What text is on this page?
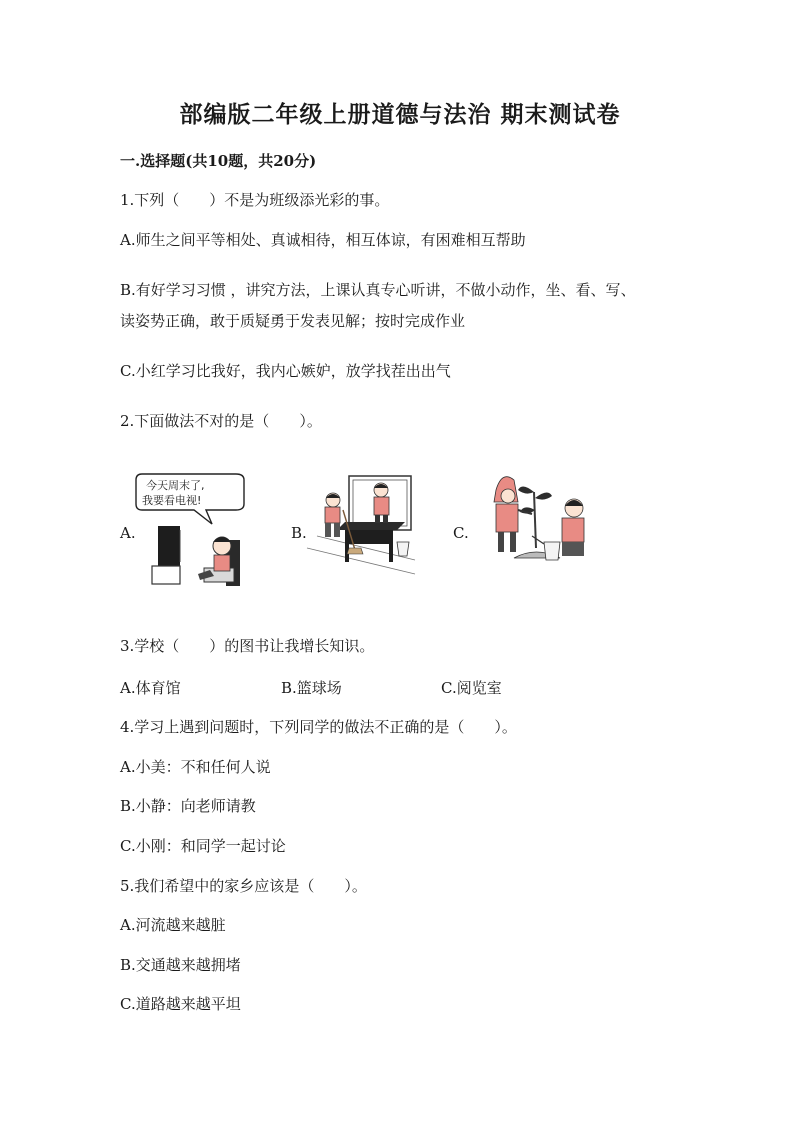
部编版二年级上册道德与法治 期末测试卷
一.选择题(共10题，共20分)
1.下列（　　）不是为班级添光彩的事。
A.师生之间平等相处、真诚相待，相互体谅，有困难相互帮助
B.有好学习习惯 ，讲究方法，上课认真专心听讲，不做小动作，坐、看、写、
读姿势正确，敢于质疑勇于发表见解；按时完成作业
C.小红学习比我好，我内心嫉妒，放学找茬出出气
2.下面做法不对的是（　　）。
A.
今天周末了,
我要看电视!
B.	C.
3.学校（　　）的图书让我增长知识。
A.体育馆	B.篮球场	C.阅览室
4.学习上遇到问题时，下列同学的做法不正确的是（　　）。
A.小美：不和任何人说
B.小静：向老师请教
C.小刚：和同学一起讨论
5.我们希望中的家乡应该是（　　）。
A.河流越来越脏
B.交通越来越拥堵
C.道路越来越平坦
